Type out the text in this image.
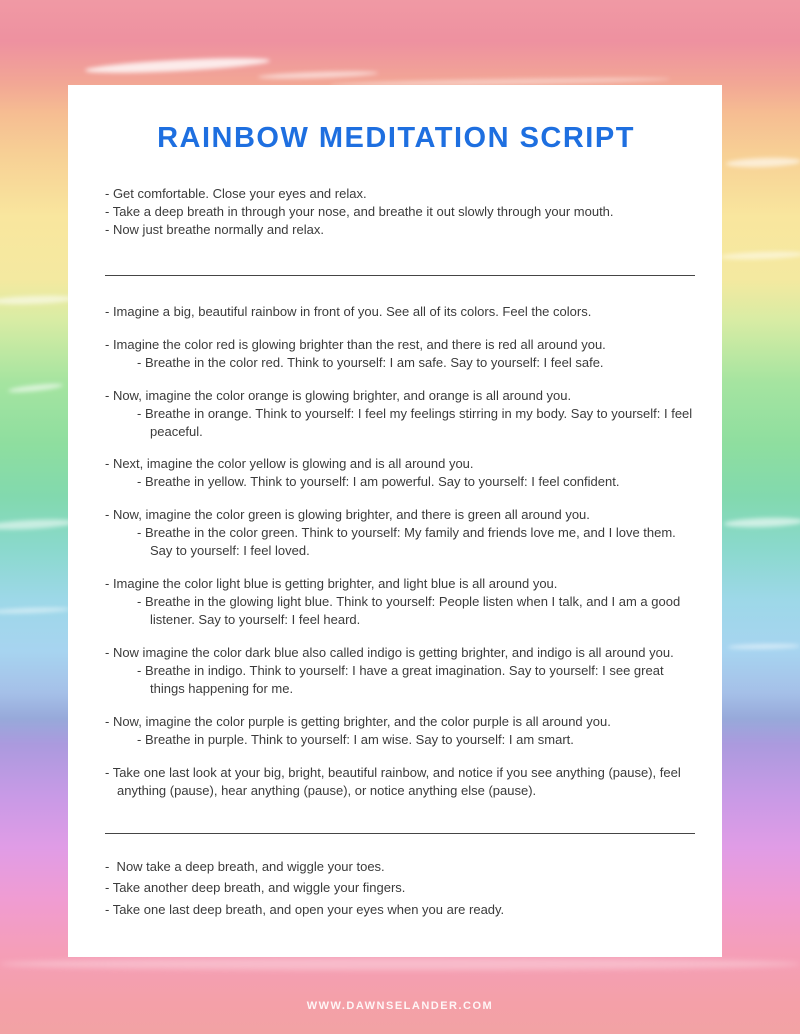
RAINBOW MEDITATION SCRIPT
- Get comfortable. Close your eyes and relax.
- Take a deep breath in through your nose, and breathe it out slowly through your mouth.
- Now just breathe normally and relax.
- Imagine a big, beautiful rainbow in front of you. See all of its colors. Feel the colors.
- Imagine the color red is glowing brighter than the rest, and there is red all around you.
- Breathe in the color red. Think to yourself: I am safe. Say to yourself: I feel safe.
- Now, imagine the color orange is glowing brighter, and orange is all around you.
- Breathe in orange. Think to yourself: I feel my feelings stirring in my body. Say to yourself: I feel peaceful.
- Next, imagine the color yellow is glowing and is all around you.
- Breathe in yellow. Think to yourself: I am powerful. Say to yourself: I feel confident.
- Now, imagine the color green is glowing brighter, and there is green all around you.
- Breathe in the color green. Think to yourself: My family and friends love me, and I love them. Say to yourself: I feel loved.
- Imagine the color light blue is getting brighter, and light blue is all around you.
- Breathe in the glowing light blue. Think to yourself: People listen when I talk, and I am a good listener. Say to yourself: I feel heard.
- Now imagine the color dark blue also called indigo is getting brighter, and indigo is all around you.
- Breathe in indigo. Think to yourself: I have a great imagination. Say to yourself: I see great things happening for me.
- Now, imagine the color purple is getting brighter, and the color purple is all around you.
- Breathe in purple. Think to yourself: I am wise. Say to yourself: I am smart.
- Take one last look at your big, bright, beautiful rainbow, and notice if you see anything (pause), feel anything (pause), hear anything (pause), or notice anything else (pause).
-  Now take a deep breath, and wiggle your toes.
- Take another deep breath, and wiggle your fingers.
- Take one last deep breath, and open your eyes when you are ready.
WWW.DAWNSELANDER.COM
